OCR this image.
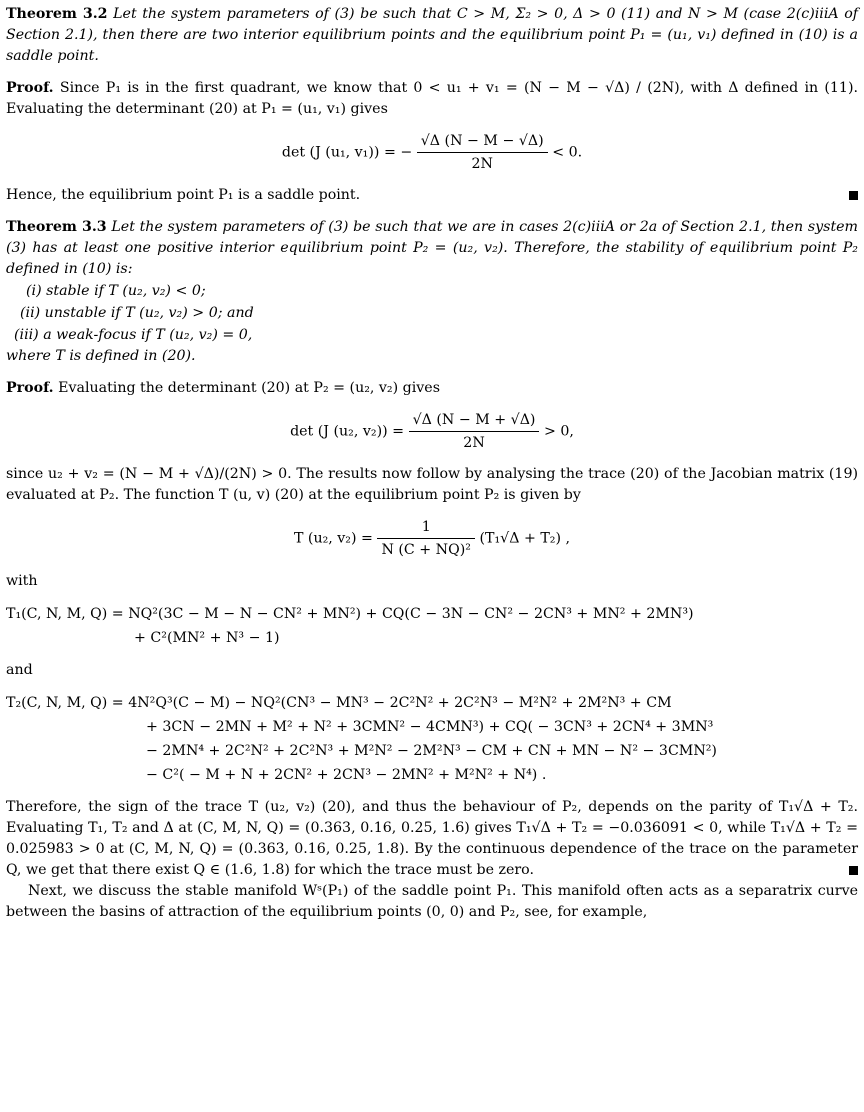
Theorem 3.2 Let the system parameters of (3) be such that C > M, Σ₂ > 0, Δ > 0 (11) and N > M (case 2(c)iiiA of Section 2.1), then there are two interior equilibrium points and the equilibrium point P₁ = (u₁, v₁) defined in (10) is a saddle point.

Proof. Since P₁ is in the first quadrant, we know that 0 < u₁ + v₁ = (N − M − √Δ) / (2N), with Δ defined in (11). Evaluating the determinant (20) at P₁ = (u₁, v₁) gives

det (J (u₁, v₁)) = − $\frac{√\Delta (N - M - √\Delta)}{2N} < 0$.

Hence, the equilibrium point P₁ is a saddle point.

Theorem 3.3 Let the system parameters of (3) be such that we are in cases 2(c)iiiA or 2a of Section 2.1, then system (3) has at least one positive interior equilibrium point P₂ = (u₂, v₂). Therefore, the stability of equilibrium point P₂ defined in (10) is:

(i) stable if T (u₂, v₂) < 0;

(ii) unstable if T (u₂, v₂) > 0; and

(iii) a weak-focus if T (u₂, v₂) = 0,

where T is defined in (20).

Proof. Evaluating the determinant (20) at P₂ = (u₂, v₂) gives

det (J (u₂, $v_2)) = \frac{√\Delta (N - M + √\Delta)}{2N} > 0$,

since u₂ + v₂ = (N − M + √Δ)/(2N) > 0. The results now follow by analysing the trace (20) of the Jacobian matrix (19) evaluated at P₂. The function T (u, v) (20) at the equilibrium point P₂ is given by

T (u₂, $v_2) = \frac{1}{\text{N (C + NQ)²}} (T_1√\Delta + T_2)$ ,

with

T₁(C, N, M, Q) = NQ²(3C − M − N − CN² + MN²) + CQ(C − 3N − CN² − 2CN³ + MN² + 2MN³)
+ C²(MN² + N³ − 1)

and

T₂(C, N, M, Q) = 4N²Q³(C − M) − NQ²(CN³ − MN³ − 2C²N² + 2C²N³ − M²N² + 2M²N³ + CM
+ 3CN − 2MN + M² + N² + 3CMN² − 4CMN³) + CQ( − 3CN³ + 2CN⁴ + 3MN³
− 2MN⁴ + 2C²N² + 2C²N³ + M²N² − 2M²N³ − CM + CN + MN − N² − 3CMN²)
− C²( − M + N + 2CN² + 2CN³ − 2MN² + M²N² + N⁴) .

Therefore, the sign of the trace T (u₂, v₂) (20), and thus the behaviour of P₂, depends on the parity of T₁√Δ + T₂. Evaluating T₁, T₂ and Δ at (C, M, N, Q) = (0.363, 0.16, 0.25, 1.6) gives T₁√Δ + T₂ = −0.036091 < 0, while T₁√Δ + T₂ = 0.025983 > 0 at (C, M, N, Q) = (0.363, 0.16, 0.25, 1.8). By the continuous dependence of the trace on the parameter Q, we get that there exist Q ∈ (1.6, 1.8) for which the trace must be zero.

Next, we discuss the stable manifold Wˢ(P₁) of the saddle point P₁. This manifold often acts as a separatrix curve between the basins of attraction of the equilibrium points (0, 0) and P₂, see, for example,
